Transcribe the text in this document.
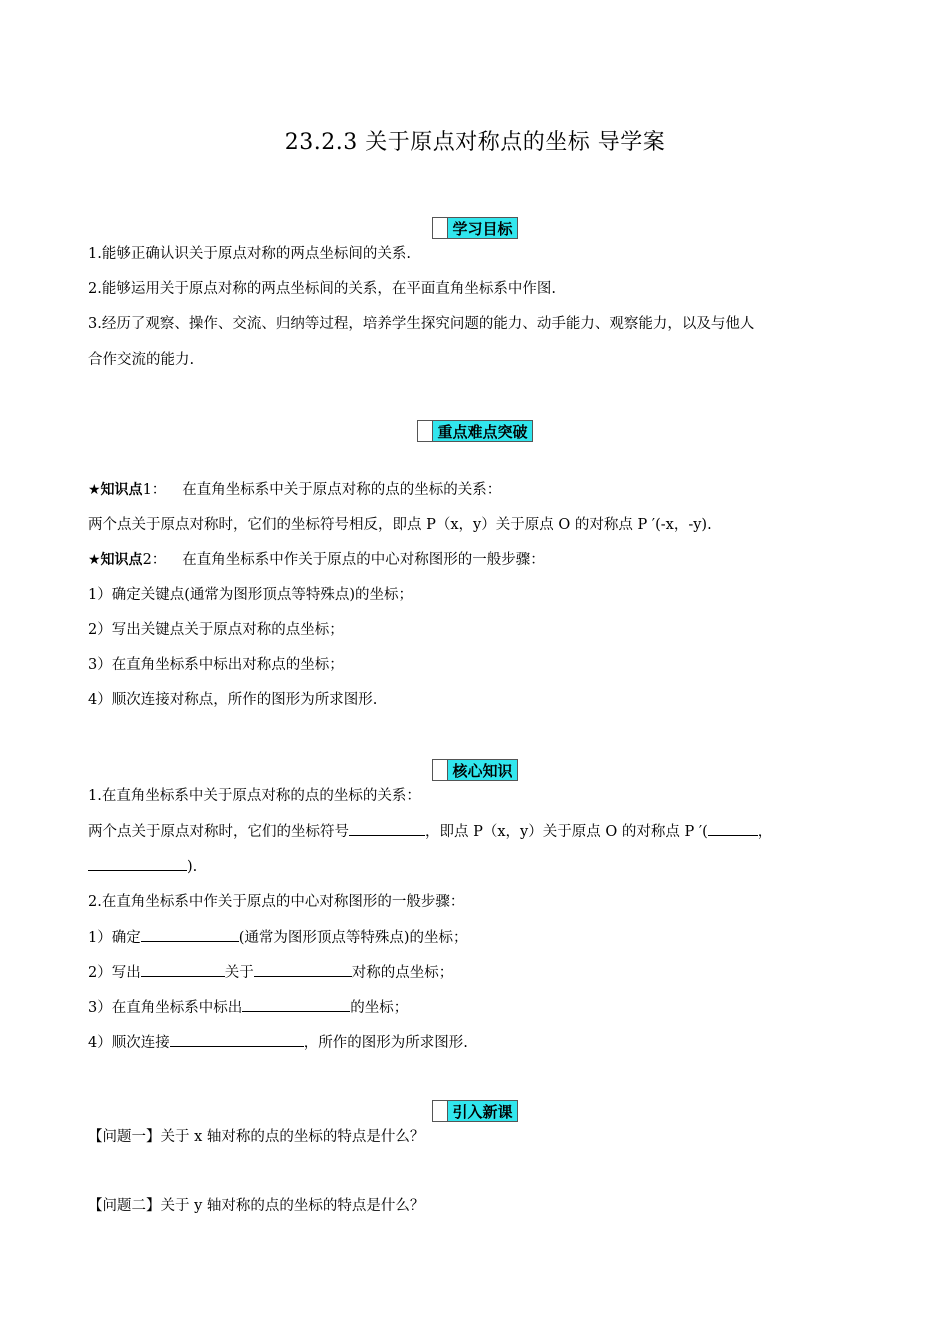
23.2.3 关于原点对称点的坐标 导学案
学习目标
1.能够正确认识关于原点对称的两点坐标间的关系.
2.能够运用关于原点对称的两点坐标间的关系，在平面直角坐标系中作图.
3.经历了观察、操作、交流、归纳等过程，培养学生探究问题的能力、动手能力、观察能力，以及与他人
合作交流的能力.
重点难点突破
★知识点1： 在直角坐标系中关于原点对称的点的坐标的关系：
两个点关于原点对称时，它们的坐标符号相反，即点 P（x，y）关于原点 O 的对称点 P ′(-x，-y).
★知识点2： 在直角坐标系中作关于原点的中心对称图形的一般步骤：
1）确定关键点(通常为图形顶点等特殊点)的坐标；
2）写出关键点关于原点对称的点坐标；
3）在直角坐标系中标出对称点的坐标；
4）顺次连接对称点，所作的图形为所求图形.
核心知识
1.在直角坐标系中关于原点对称的点的坐标的关系：
两个点关于原点对称时，它们的坐标符号	，即点 P（x，y）关于原点 O 的对称点 P ′(	，
).
2.在直角坐标系中作关于原点的中心对称图形的一般步骤：
1）确定	(通常为图形顶点等特殊点)的坐标；
2）写出	关于	对称的点坐标；
3）在直角坐标系中标出	的坐标；
4）顺次连接	，所作的图形为所求图形.
引入新课
【问题一】关于 x 轴对称的点的坐标的特点是什么？
【问题二】关于 y 轴对称的点的坐标的特点是什么？
